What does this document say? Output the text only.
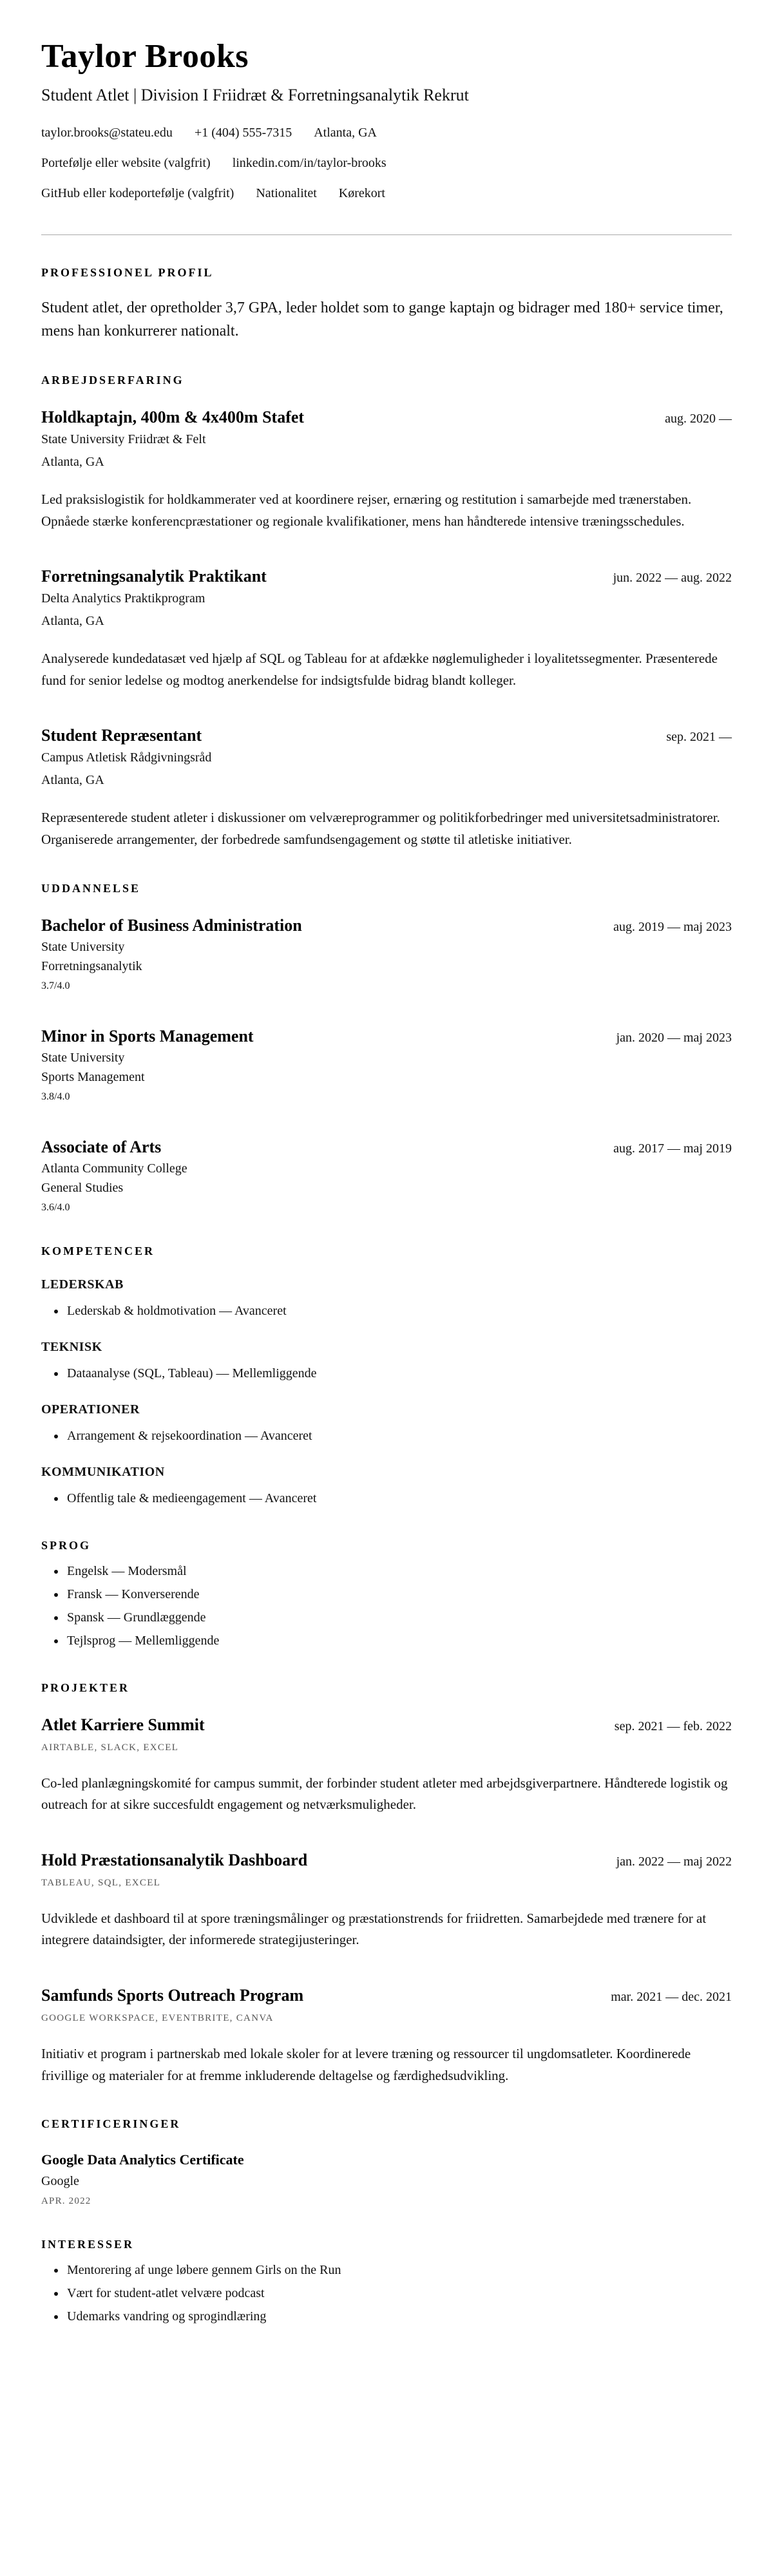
Taylor Brooks

Student Atlet | Division I Friidræt & Forretningsanalytik Rekrut

taylor.brooks@stateu.edu +1 (404) 555-7315 Atlanta, GA
Portefølje eller website (valgfrit) linkedin.com/in/taylor-brooks
GitHub eller kodeportefølje (valgfrit) Nationalitet Kørekort
PROFESSIONEL PROFIL

Student atlet, der opretholder 3,7 GPA, leder holdet som to gange kaptajn og bidrager med 180+ service timer, mens han konkurrerer nationalt.

ARBEJDSERFARING
Holdkaptajn, 400m & 4x400m Stafet	aug. 2020 —
State University Friidræt & Felt
Atlanta, GA

Led praksislogistik for holdkammerater ved at koordinere rejser, ernæring og restitution i samarbejde med trænerstaben. Opnåede stærke konferencpræstationer og regionale kvalifikationer, mens han håndterede intensive træningsschedules.

Forretningsanalytik Praktikant	jun. 2022 — aug. 2022
Delta Analytics Praktikprogram
Atlanta, GA

Analyserede kundedatasæt ved hjælp af SQL og Tableau for at afdække nøglemuligheder i loyalitetssegmenter. Præsenterede fund for senior ledelse og modtog anerkendelse for indsigtsfulde bidrag blandt kolleger.

Student Repræsentant	sep. 2021 —
Campus Atletisk Rådgivningsråd
Atlanta, GA

Repræsenterede student atleter i diskussioner om velværeprogrammer og politikforbedringer med universitetsadministratorer. Organiserede arrangementer, der forbedrede samfundsengagement og støtte til atletiske initiativer.

UDDANNELSE
Bachelor of Business Administration	aug. 2019 — maj 2023
State University
Forretningsanalytik
3.7/4.0
Minor in Sports Management	jan. 2020 — maj 2023
State University
Sports Management
3.8/4.0
Associate of Arts	aug. 2017 — maj 2019
Atlanta Community College
General Studies
3.6/4.0
KOMPETENCER
LEDERSKAB
• Lederskab & holdmotivation — Avanceret
TEKNISK
• Dataanalyse (SQL, Tableau) — Mellemliggende
OPERATIONER
• Arrangement & rejsekoordination — Avanceret
KOMMUNIKATION
• Offentlig tale & medieengagement — Avanceret
SPROG
• Engelsk — Modersmål
• Fransk — Konverserende
• Spansk — Grundlæggende
• Tejlsprog — Mellemliggende
PROJEKTER
Atlet Karriere Summit	sep. 2021 — feb. 2022
AIRTABLE, SLACK, EXCEL

Co-led planlægningskomité for campus summit, der forbinder student atleter med arbejdsgiverpartnere. Håndterede logistik og outreach for at sikre succesfuldt engagement og netværksmuligheder.

Hold Præstationsanalytik Dashboard	jan. 2022 — maj 2022
TABLEAU, SQL, EXCEL

Udviklede et dashboard til at spore træningsmålinger og præstationstrends for friidretten. Samarbejdede med trænere for at integrere dataindsigter, der informerede strategijusteringer.

Samfunds Sports Outreach Program	mar. 2021 — dec. 2021
GOOGLE WORKSPACE, EVENTBRITE, CANVA

Initiativ et program i partnerskab med lokale skoler for at levere træning og ressourcer til ungdomsatleter. Koordinerede frivillige og materialer for at fremme inkluderende deltagelse og færdighedsudvikling.

CERTIFICERINGER
Google Data Analytics Certificate
Google
APR. 2022
INTERESSER
• Mentorering af unge løbere gennem Girls on the Run
• Vært for student-atlet velvære podcast
• Udemarks vandring og sprogindlæring
